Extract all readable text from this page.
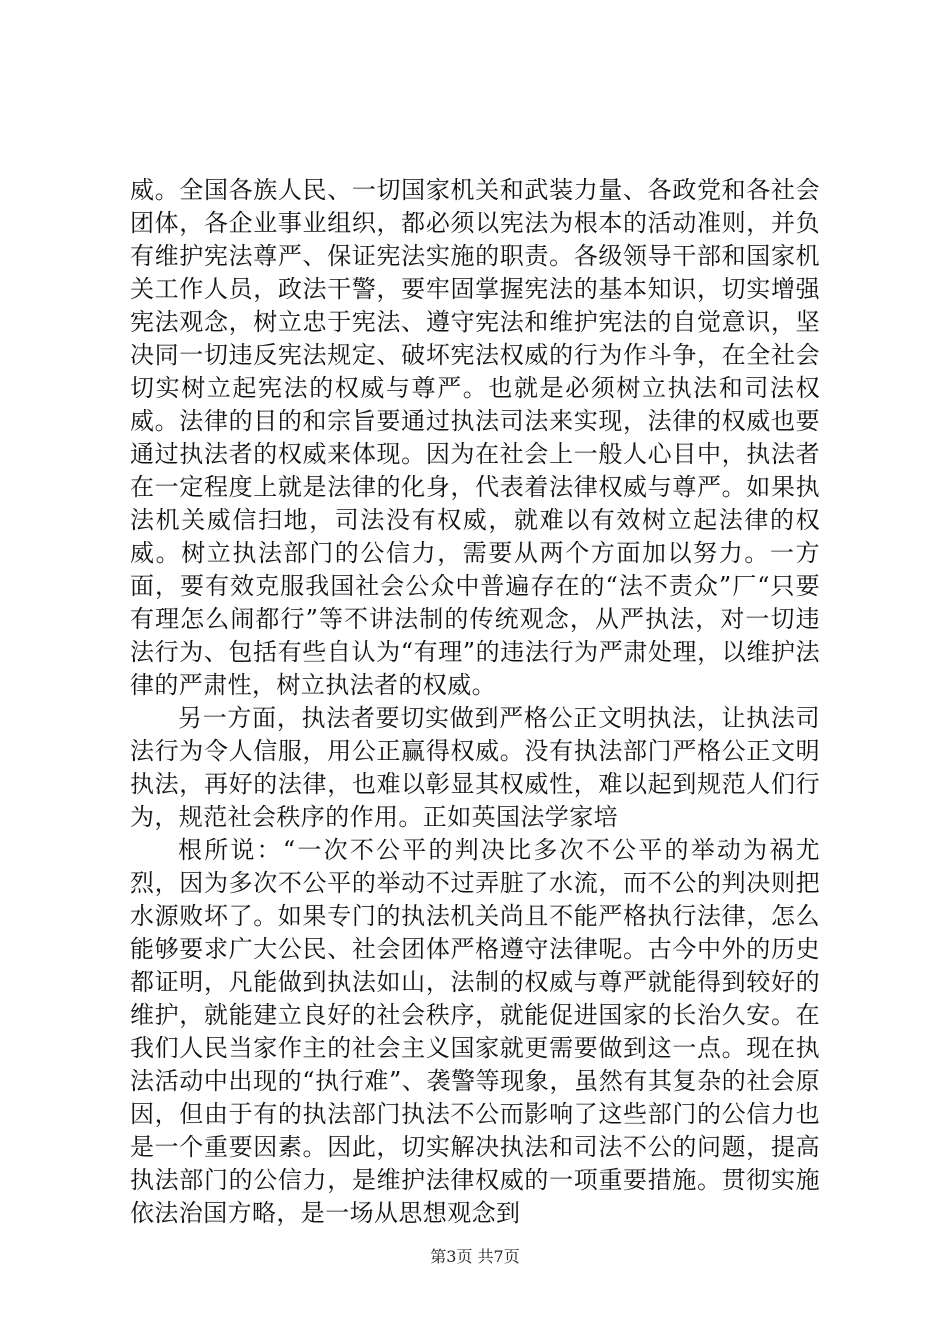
威。全国各族人民、一切国家机关和武装力量、各政党和各社会团体，各企业事业组织，都必须以宪法为根本的活动准则，并负有维护宪法尊严、保证宪法实施的职责。各级领导干部和国家机关工作人员，政法干警，要牢固掌握宪法的基本知识，切实增强宪法观念，树立忠于宪法、遵守宪法和维护宪法的自觉意识，坚决同一切违反宪法规定、破坏宪法权威的行为作斗争，在全社会切实树立起宪法的权威与尊严。也就是必须树立执法和司法权威。法律的目的和宗旨要通过执法司法来实现，法律的权威也要通过执法者的权威来体现。因为在社会上一般人心目中，执法者在一定程度上就是法律的化身，代表着法律权威与尊严。如果执法机关威信扫地，司法没有权威，就难以有效树立起法律的权威。树立执法部门的公信力，需要从两个方面加以努力。一方面，要有效克服我国社会公众中普遍存在的“法不责众”厂“只要有理怎么闹都行”等不讲法制的传统观念，从严执法，对一切违法行为、包括有些自认为“有理”的违法行为严肃处理，以维护法律的严肃性，树立执法者的权威。

另一方面，执法者要切实做到严格公正文明执法，让执法司法行为令人信服，用公正赢得权威。没有执法部门严格公正文明执法，再好的法律，也难以彰显其权威性，难以起到规范人们行为，规范社会秩序的作用。正如英国法学家培

根所说：“一次不公平的判决比多次不公平的举动为祸尤烈，因为多次不公平的举动不过弄脏了水流，而不公的判决则把水源败坏了。如果专门的执法机关尚且不能严格执行法律，怎么能够要求广大公民、社会团体严格遵守法律呢。古今中外的历史都证明，凡能做到执法如山，法制的权威与尊严就能得到较好的维护，就能建立良好的社会秩序，就能促进国家的长治久安。在我们人民当家作主的社会主义国家就更需要做到这一点。现在执法活动中出现的“执行难”、袭警等现象，虽然有其复杂的社会原因，但由于有的执法部门执法不公而影响了这些部门的公信力也是一个重要因素。因此，切实解决执法和司法不公的问题，提高执法部门的公信力，是维护法律权威的一项重要措施。贯彻实施依法治国方略，是一场从思想观念到

第3页 共7页
